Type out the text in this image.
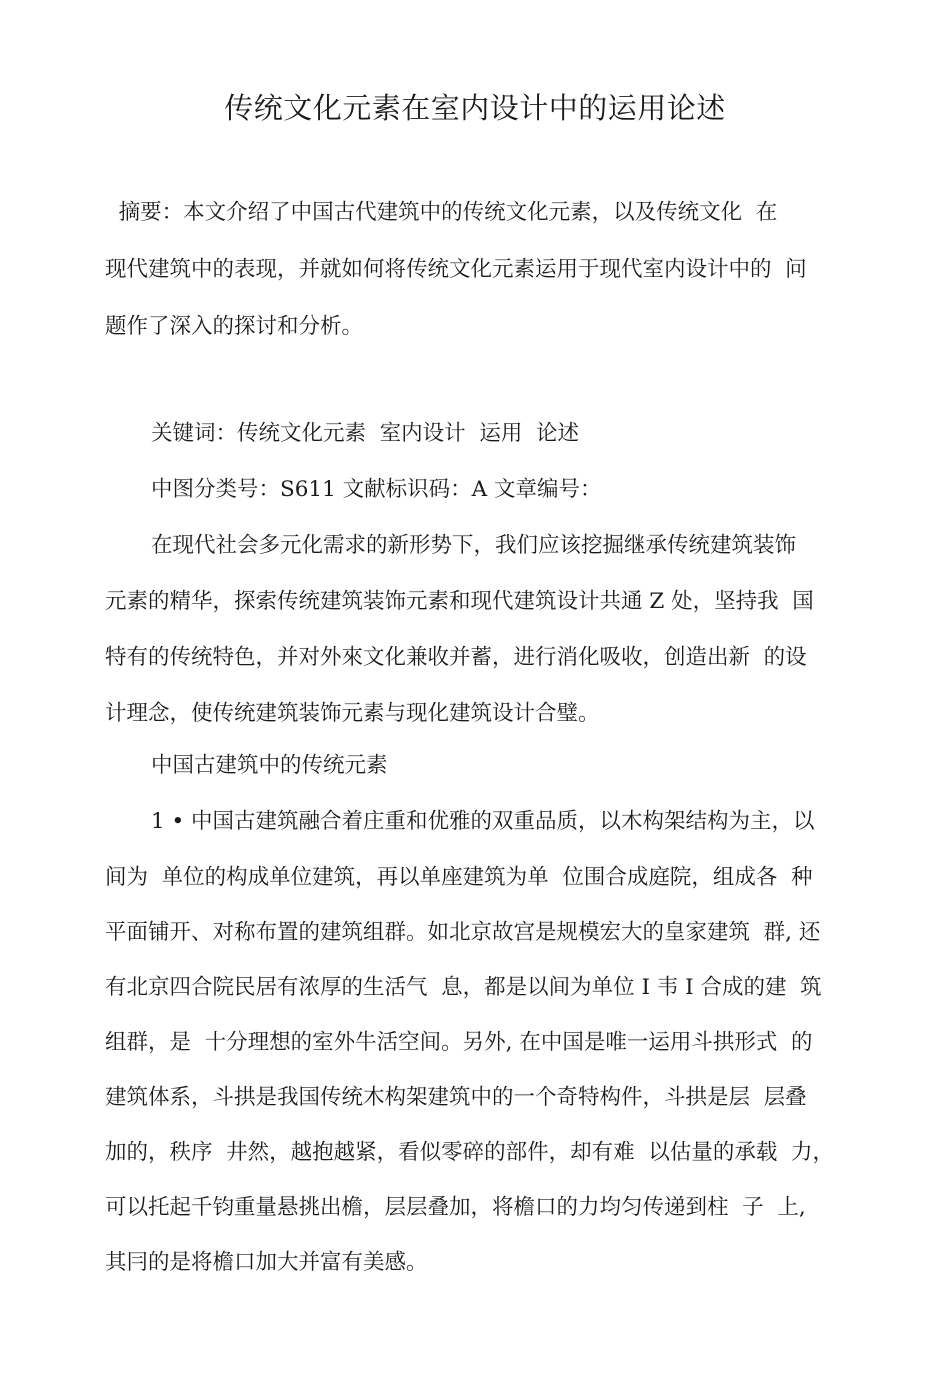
传统文化元素在室内设计中的运用论述
摘要：本文介绍了中国古代建筑中的传统文化元素，以及传统文化  在
现代建筑中的表现，并就如何将传统文化元素运用于现代室内设计中的  问
题作了深入的探讨和分析。
关键词：传统文化元素  室内设计  运用  论述
中图分类号：S611 文献标识码：A 文章编号：
在现代社会多元化需求的新形势下，我们应该挖掘继承传统建筑装饰
元素的精华，探索传统建筑装饰元素和现代建筑设计共通 Z 处，坚持我  国
特有的传统特色，并对外來文化兼收并蓄，进行消化吸收，创造出新  的设
计理念，使传统建筑装饰元素与现化建筑设计合璧。
中国古建筑中的传统元素
1 • 中国古建筑融合着庄重和优雅的双重品质，以木构架结构为主，以
间为  单位的构成单位建筑，再以单座建筑为单  位围合成庭院，组成各  种
平面铺开、对称布置的建筑组群。如北京故宫是规模宏大的皇家建筑  群, 还
有北京四合院民居有浓厚的生活气  息，都是以间为单位 I 韦 I 合成的建  筑
组群，是  十分理想的室外牛活空间。另外, 在中国是唯一运用斗拱形式  的
建筑体系，斗拱是我国传统木构架建筑中的一个奇特构件，斗拱是层  层叠
加的，秩序  井然，越抱越紧，看似零碎的部件，却有难  以估量的承载  力，
可以托起千钧重量悬挑出檐，层层叠加，将檐口的力均匀传递到柱  子  上,
其冃的是将檐口加大并富有美感。
